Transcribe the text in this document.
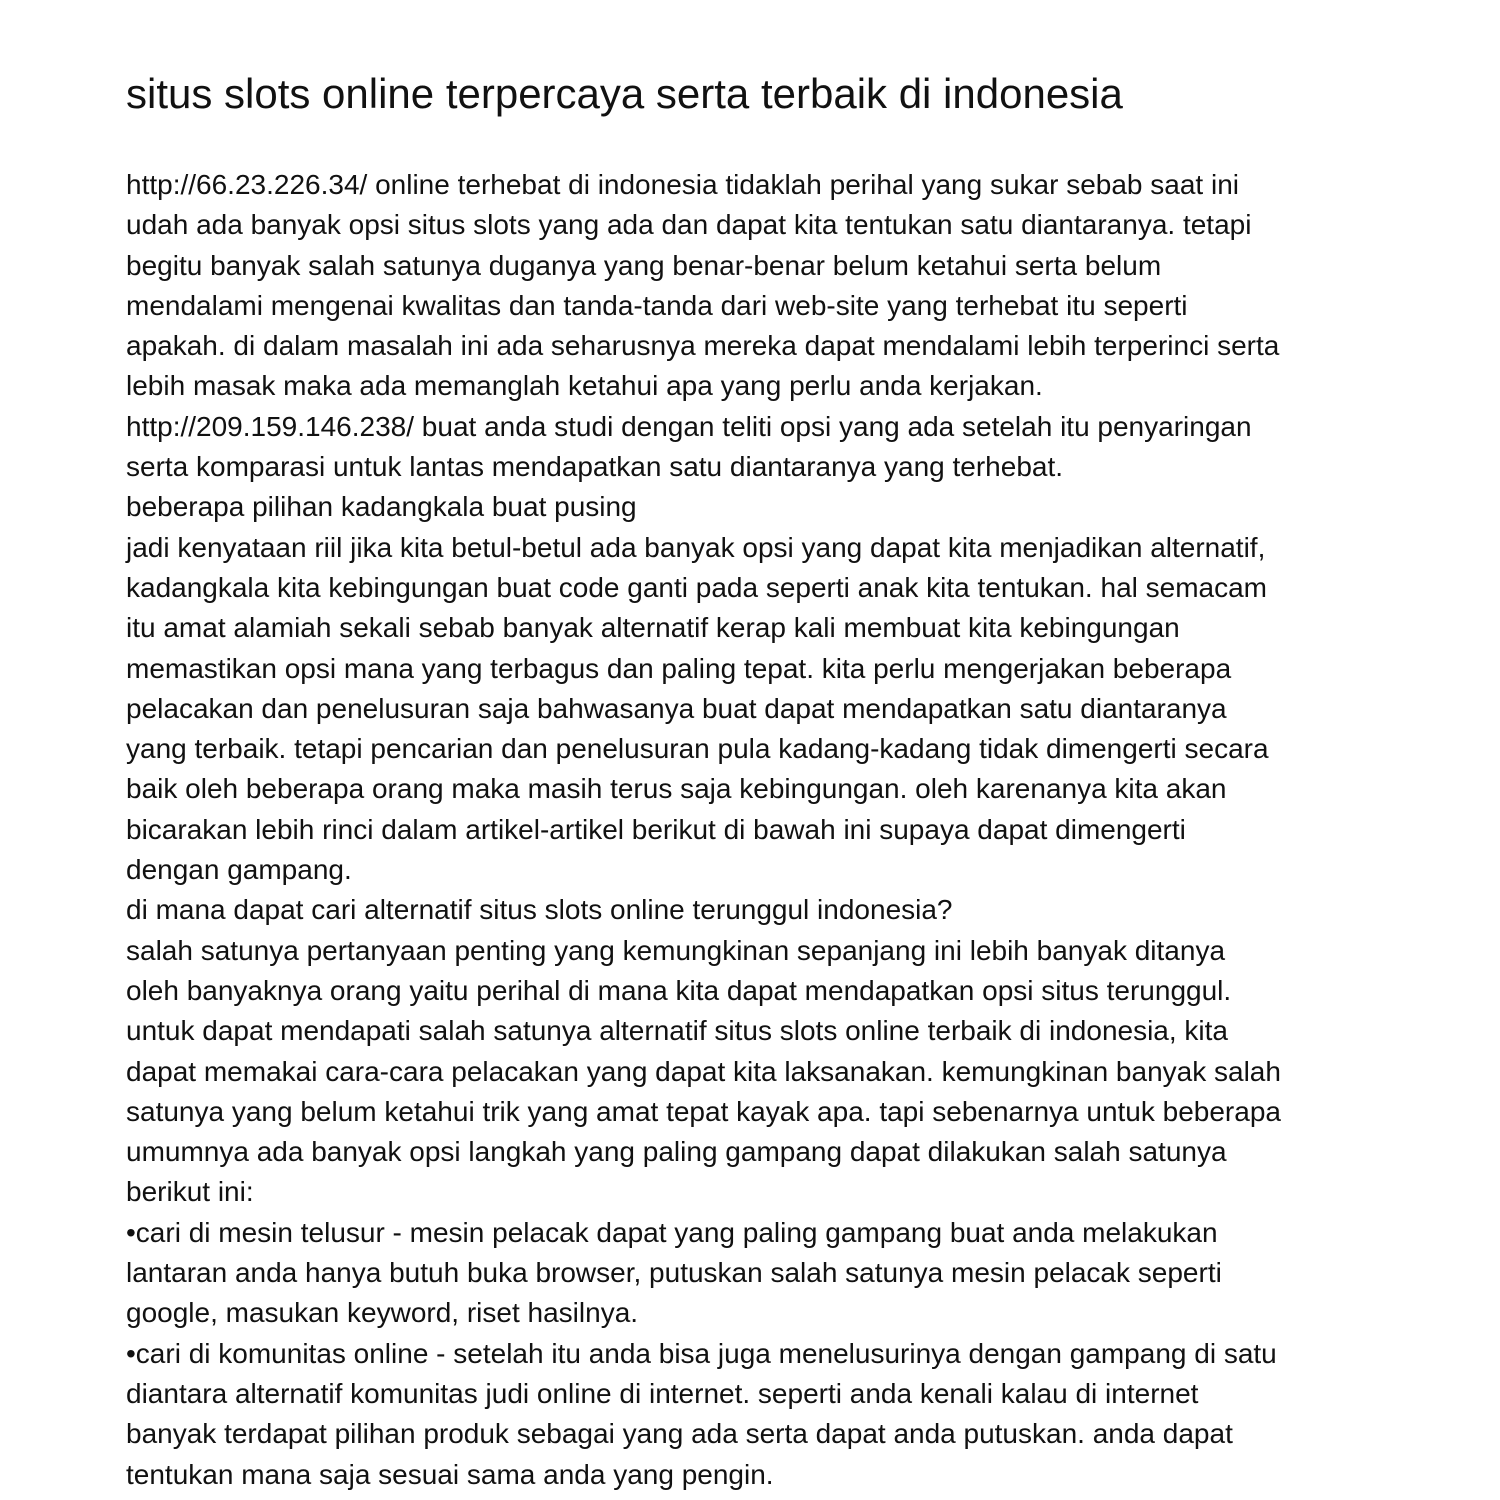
situs slots online terpercaya serta terbaik di indonesia
http://66.23.226.34/ online terhebat di indonesia tidaklah perihal yang sukar sebab saat ini
udah ada banyak opsi situs slots yang ada dan dapat kita tentukan satu diantaranya. tetapi
begitu banyak salah satunya duganya yang benar-benar belum ketahui serta belum
mendalami mengenai kwalitas dan tanda-tanda dari web-site yang terhebat itu seperti
apakah. di dalam masalah ini ada seharusnya mereka dapat mendalami lebih terperinci serta
lebih masak maka ada memanglah ketahui apa yang perlu anda kerjakan.
http://209.159.146.238/ buat anda studi dengan teliti opsi yang ada setelah itu penyaringan
serta komparasi untuk lantas mendapatkan satu diantaranya yang terhebat.
beberapa pilihan kadangkala buat pusing
jadi kenyataan riil jika kita betul-betul ada banyak opsi yang dapat kita menjadikan alternatif,
kadangkala kita kebingungan buat code ganti pada seperti anak kita tentukan. hal semacam
itu amat alamiah sekali sebab banyak alternatif kerap kali membuat kita kebingungan
memastikan opsi mana yang terbagus dan paling tepat. kita perlu mengerjakan beberapa
pelacakan dan penelusuran saja bahwasanya buat dapat mendapatkan satu diantaranya
yang terbaik. tetapi pencarian dan penelusuran pula kadang-kadang tidak dimengerti secara
baik oleh beberapa orang maka masih terus saja kebingungan. oleh karenanya kita akan
bicarakan lebih rinci dalam artikel-artikel berikut di bawah ini supaya dapat dimengerti
dengan gampang.
di mana dapat cari alternatif situs slots online terunggul indonesia?
salah satunya pertanyaan penting yang kemungkinan sepanjang ini lebih banyak ditanya
oleh banyaknya orang yaitu perihal di mana kita dapat mendapatkan opsi situs terunggul.
untuk dapat mendapati salah satunya alternatif situs slots online terbaik di indonesia, kita
dapat memakai cara-cara pelacakan yang dapat kita laksanakan. kemungkinan banyak salah
satunya yang belum ketahui trik yang amat tepat kayak apa. tapi sebenarnya untuk beberapa
umumnya ada banyak opsi langkah yang paling gampang dapat dilakukan salah satunya
berikut ini:
•cari di mesin telusur - mesin pelacak dapat yang paling gampang buat anda melakukan
lantaran anda hanya butuh buka browser, putuskan salah satunya mesin pelacak seperti
google, masukan keyword, riset hasilnya.
•cari di komunitas online - setelah itu anda bisa juga menelusurinya dengan gampang di satu
diantara alternatif komunitas judi online di internet. seperti anda kenali kalau di internet
banyak terdapat pilihan produk sebagai yang ada serta dapat anda putuskan. anda dapat
tentukan mana saja sesuai sama anda yang pengin.
